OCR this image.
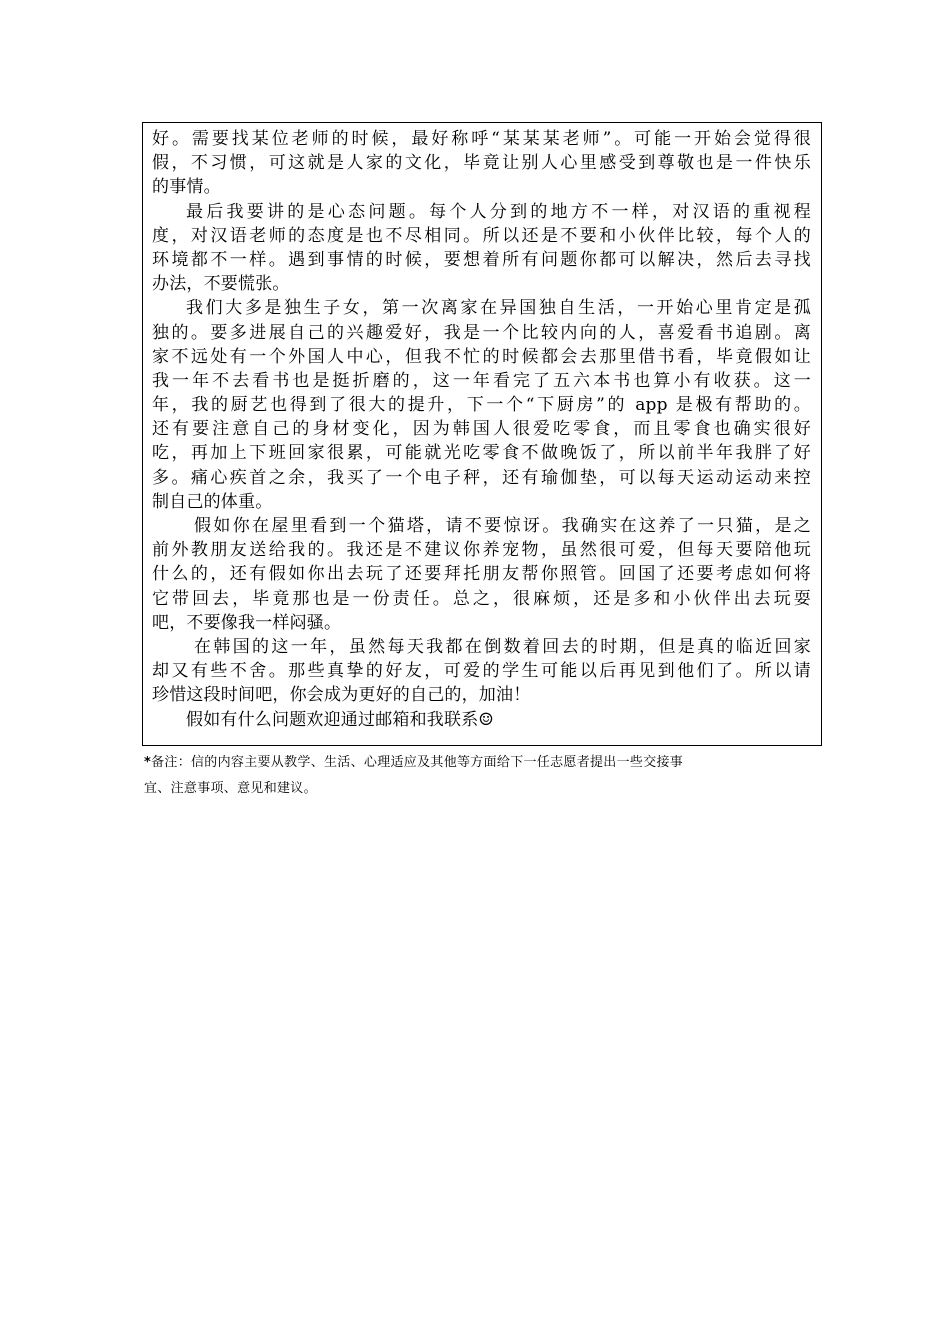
好。需要找某位老师的时候，最好称呼“某某某老师”。可能一开始会觉得很
假，不习惯，可这就是人家的文化，毕竟让别人心里感受到尊敬也是一件快乐
的事情。
最后我要讲的是心态问题。每个人分到的地方不一样，对汉语的重视程
度，对汉语老师的态度是也不尽相同。所以还是不要和小伙伴比较，每个人的
环境都不一样。遇到事情的时候，要想着所有问题你都可以解决，然后去寻找
办法，不要慌张。
我们大多是独生子女，第一次离家在异国独自生活，一开始心里肯定是孤
独的。要多进展自己的兴趣爱好，我是一个比较内向的人，喜爱看书追剧。离
家不远处有一个外国人中心，但我不忙的时候都会去那里借书看，毕竟假如让
我一年不去看书也是挺折磨的，这一年看完了五六本书也算小有收获。这一
年，我的厨艺也得到了很大的提升，下一个“下厨房”的 app 是极有帮助的。
还有要注意自己的身材变化，因为韩国人很爱吃零食，而且零食也确实很好
吃，再加上下班回家很累，可能就光吃零食不做晚饭了，所以前半年我胖了好
多。痛心疾首之余，我买了一个电子秤，还有瑜伽垫，可以每天运动运动来控
制自己的体重。
假如你在屋里看到一个猫塔，请不要惊讶。我确实在这养了一只猫，是之
前外教朋友送给我的。我还是不建议你养宠物，虽然很可爱，但每天要陪他玩
什么的，还有假如你出去玩了还要拜托朋友帮你照管。回国了还要考虑如何将
它带回去，毕竟那也是一份责任。总之，很麻烦，还是多和小伙伴出去玩耍
吧，不要像我一样闷骚。
在韩国的这一年，虽然每天我都在倒数着回去的时期，但是真的临近回家
却又有些不舍。那些真挚的好友，可爱的学生可能以后再见到他们了。所以请
珍惜这段时间吧，你会成为更好的自己的，加油！
假如有什么问题欢迎通过邮箱和我联系☺
*备注：信的内容主要从教学、生活、心理适应及其他等方面给下一任志愿者提出一些交接事
宜、注意事项、意见和建议。
